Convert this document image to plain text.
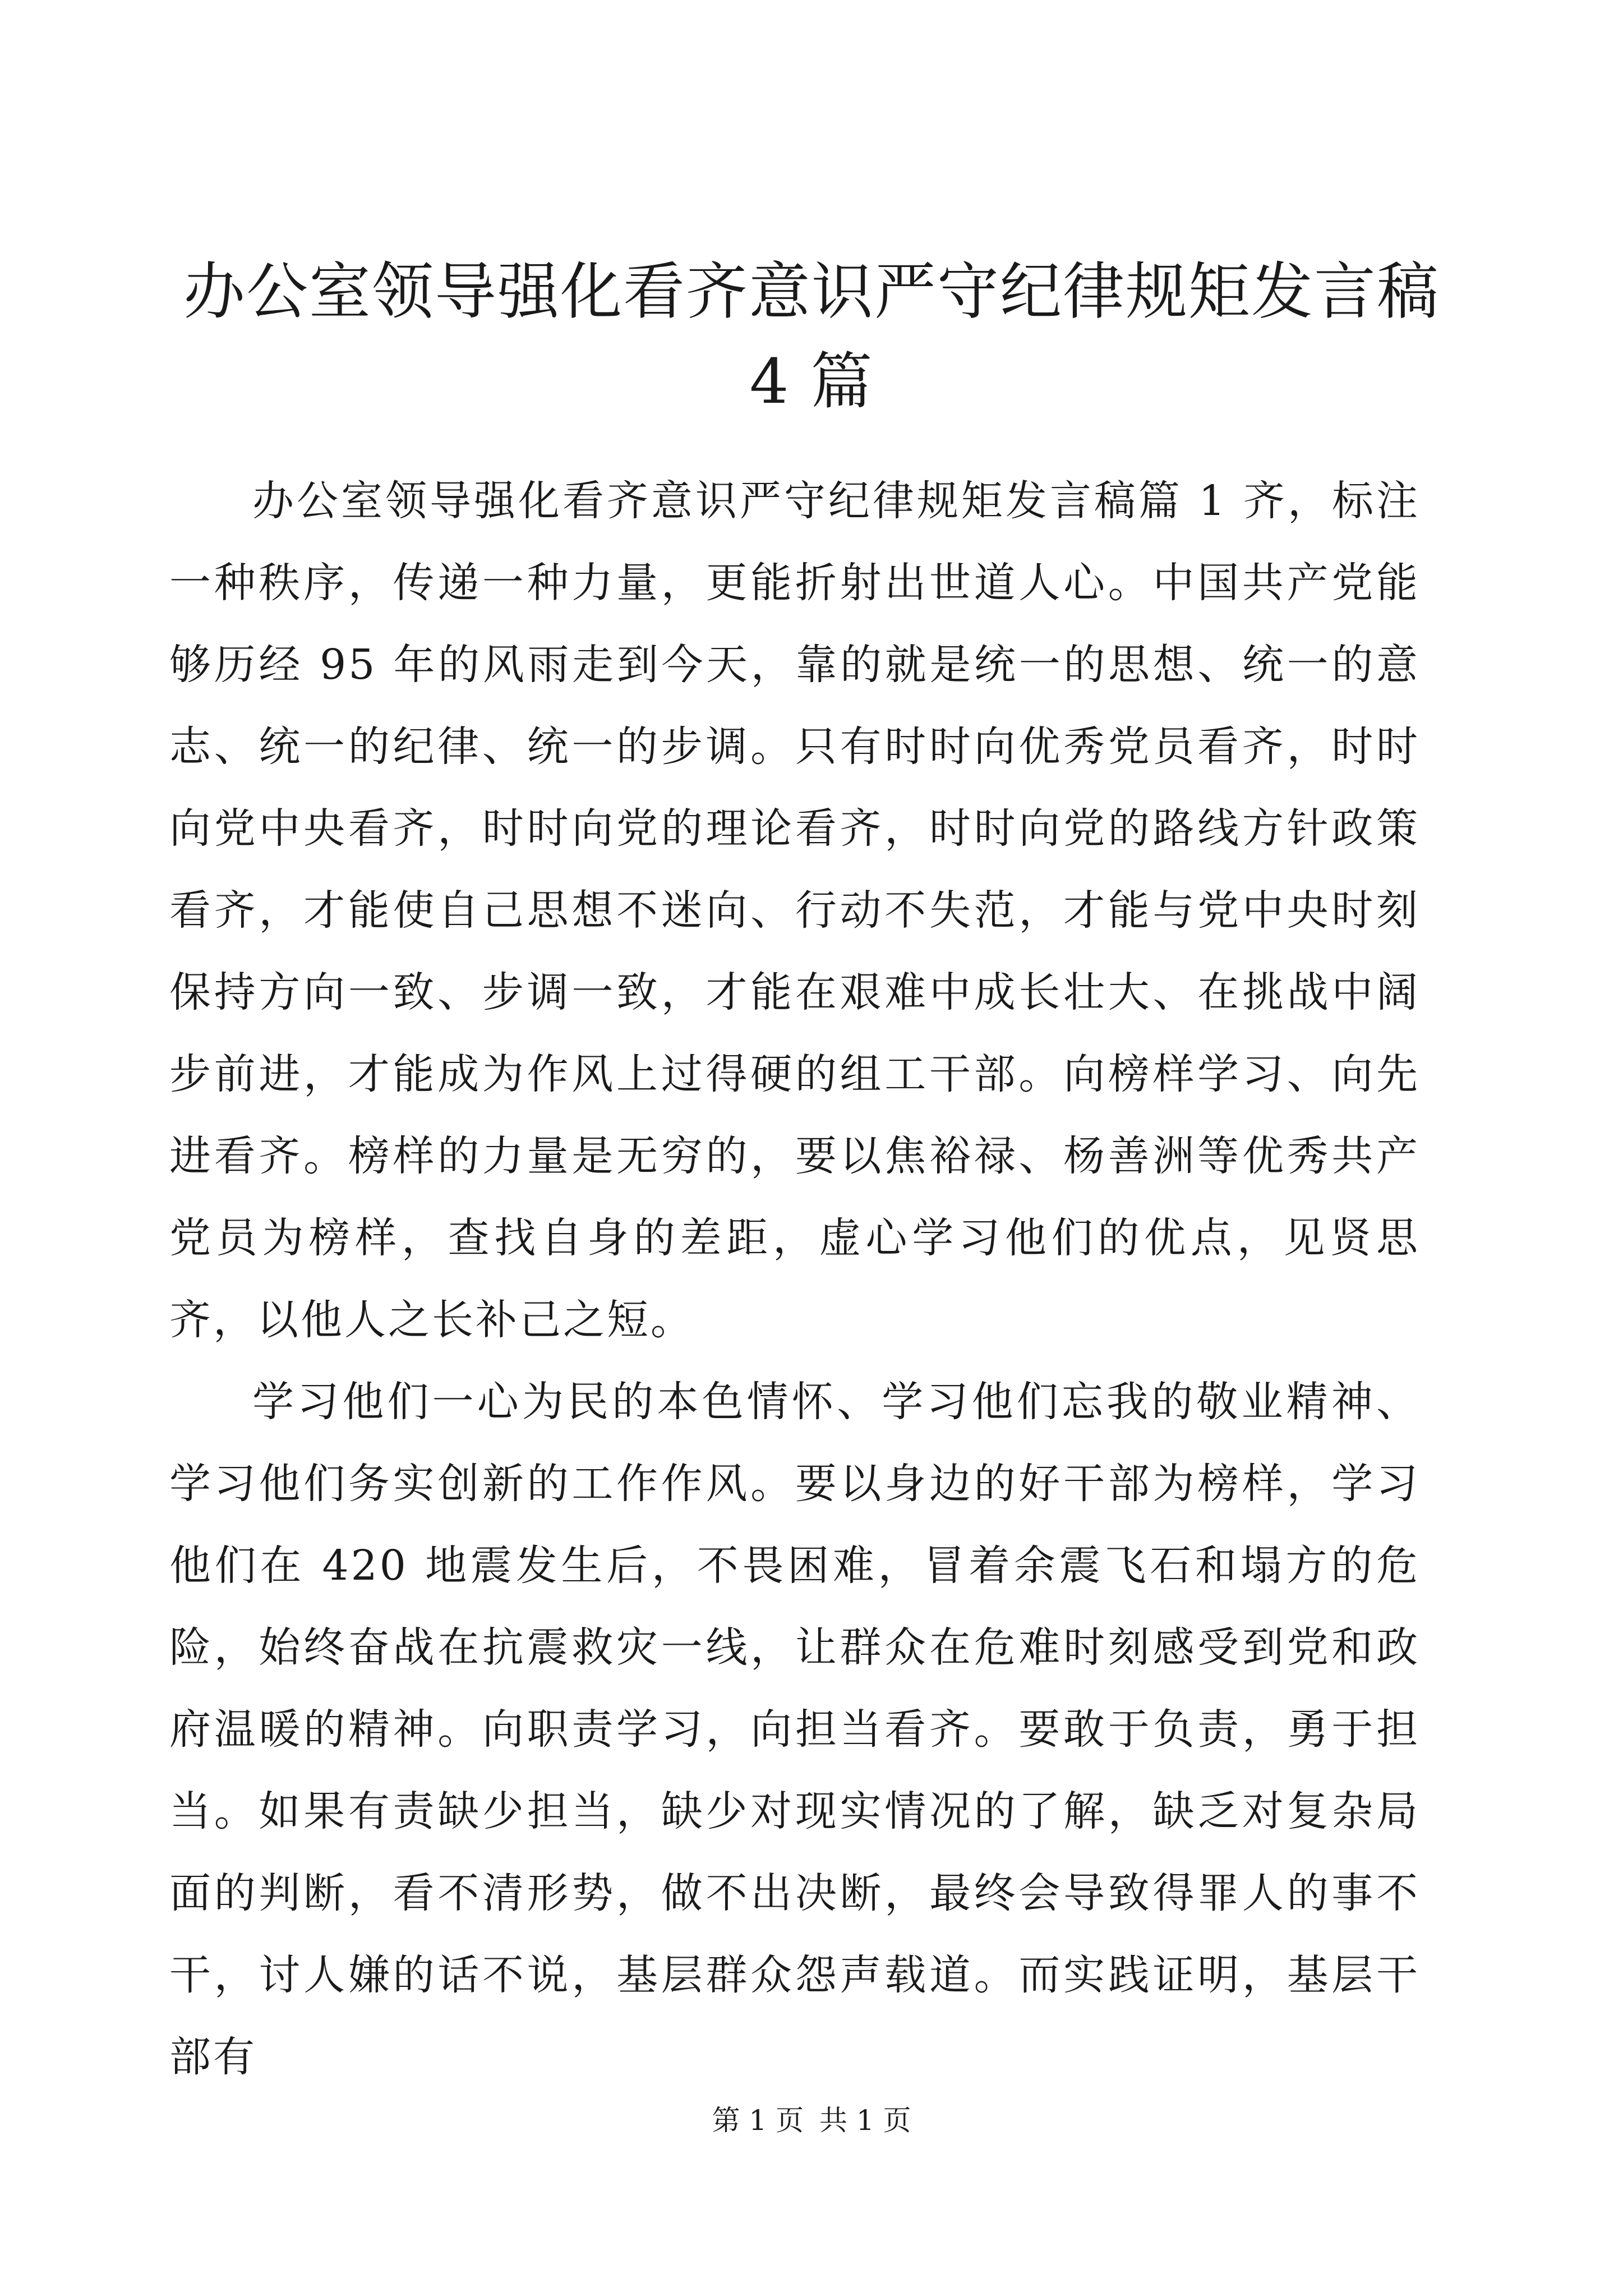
办公室领导强化看齐意识严守纪律规矩发言稿
4 篇

办公室领导强化看齐意识严守纪律规矩发言稿篇 1 齐，标注一种秩序，传递一种力量，更能折射出世道人心。中国共产党能够历经 95 年的风雨走到今天，靠的就是统一的思想、统一的意志、统一的纪律、统一的步调。只有时时向优秀党员看齐，时时向党中央看齐，时时向党的理论看齐，时时向党的路线方针政策看齐，才能使自己思想不迷向、行动不失范，才能与党中央时刻保持方向一致、步调一致，才能在艰难中成长壮大、在挑战中阔步前进，才能成为作风上过得硬的组工干部。向榜样学习、向先进看齐。榜样的力量是无穷的，要以焦裕禄、杨善洲等优秀共产党员为榜样，查找自身的差距，虚心学习他们的优点，见贤思齐，以他人之长补己之短。

学习他们一心为民的本色情怀、学习他们忘我的敬业精神、学习他们务实创新的工作作风。要以身边的好干部为榜样，学习他们在 420 地震发生后，不畏困难，冒着余震飞石和塌方的危险，始终奋战在抗震救灾一线，让群众在危难时刻感受到党和政府温暖的精神。向职责学习，向担当看齐。要敢于负责，勇于担当。如果有责缺少担当，缺少对现实情况的了解，缺乏对复杂局面的判断，看不清形势，做不出决断，最终会导致得罪人的事不干，讨人嫌的话不说，基层群众怨声载道。而实践证明，基层干部有

第 1 页 共 1 页
